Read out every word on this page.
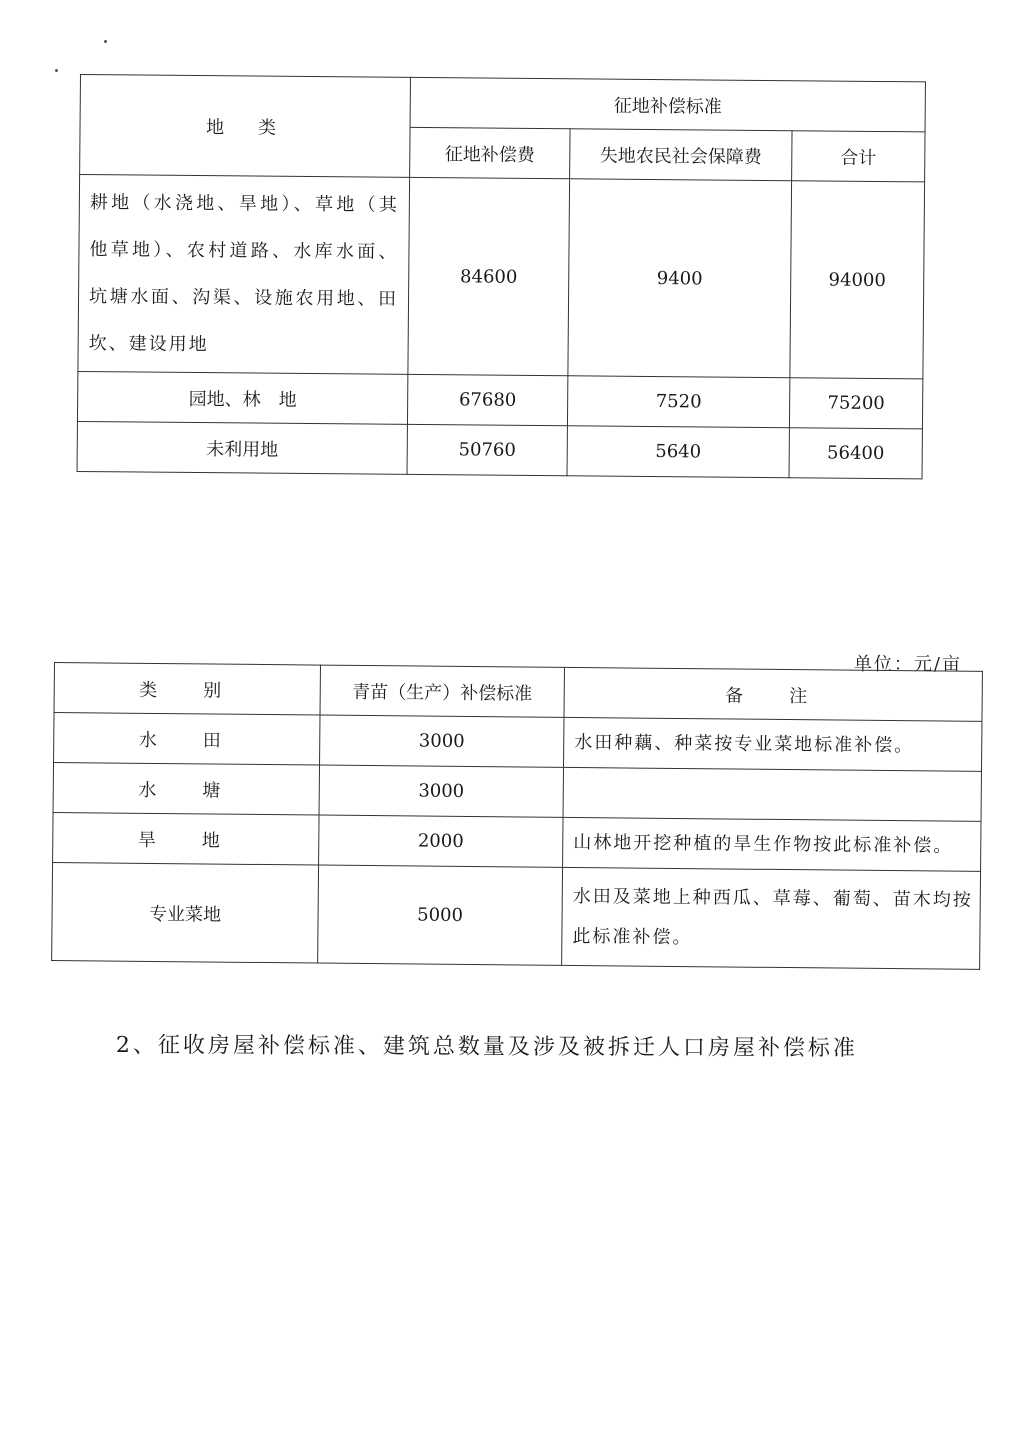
地　类	征地补偿标准		
	征地补偿费	失地农民社会保障费	合计
耕地（水浇地、旱地）、草地（其他草地）、农村道路、水库水面、坑塘水面、沟渠、设施农用地、田坎、建设用地	84600	9400	94000
园地、林　地	67680	7520	75200
未利用地	50760	5640	56400
单位：元/亩
类　别	青苗（生产）补偿标准	备　注
水　田	3000	水田种藕、种菜按专业菜地标准补偿。
水　塘	3000	
旱　地	2000	山林地开挖种植的旱生作物按此标准补偿。
专业菜地	5000	水田及菜地上种西瓜、草莓、葡萄、苗木均按此标准补偿。
2、征收房屋补偿标准、建筑总数量及涉及被拆迁人口房屋补偿标准
